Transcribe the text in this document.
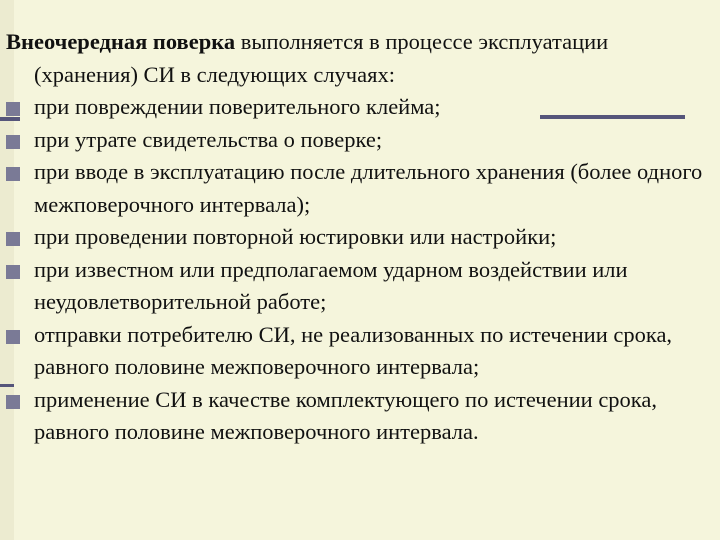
Внеочередная поверка выполняется в процессе эксплуатации (хранения) СИ в следующих случаях:
при повреждении поверительного клейма;
при утрате свидетельства о поверке;
при вводе в эксплуатацию после длительного хранения (более одного межповерочного интервала);
при проведении повторной юстировки или настройки;
при известном или предполагаемом ударном воздействии или неудовлетворительной работе;
отправки потребителю СИ, не реализованных по истечении срока, равного половине межповерочного интервала;
применение СИ в качестве комплектующего по истечении срока, равного половине межповерочного интервала.
